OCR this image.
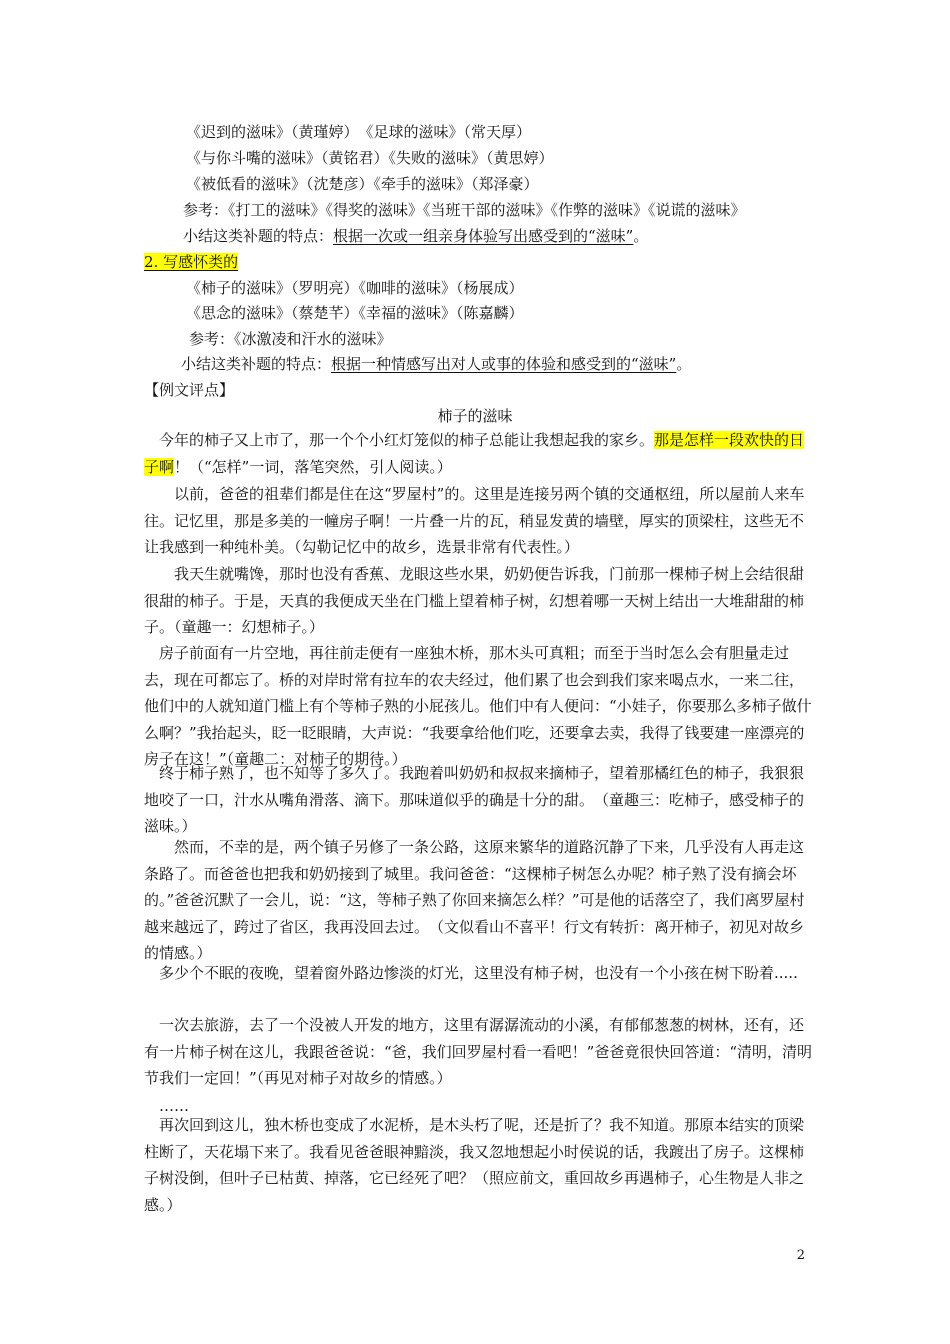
《迟到的滋味》（黄瑾婷）　《足球的滋味》（常天厚）
《与你斗嘴的滋味》（黄铭君）《失败的滋味》（黄思婷）
《被低看的滋味》（沈楚彦）《牵手的滋味》（郑泽豪）
参考：《打工的滋味》《得奖的滋味》《当班干部的滋味》《作弊的滋味》《说谎的滋味》
小结这类补题的特点：根据一次或一组亲身体验写出感受到的“滋味”。
2. 写感怀类的
《柿子的滋味》（罗明亮）《咖啡的滋味》（杨展成）
《思念的滋味》（蔡楚芊）《幸福的滋味》（陈嘉麟）
参考：《冰激凌和汗水的滋味》
小结这类补题的特点：根据一种情感写出对人或事的体验和感受到的“滋味”。
【例文评点】
柿子的滋味
今年的柿子又上市了，那一个个小红灯笼似的柿子总能让我想起我的家乡。那是怎样一段欢快的日子啊！（“怎样”一词，落笔突然，引人阅读。）
以前，爸爸的祖辈们都是住在这“罗屋村”的。这里是连接另两个镇的交通枢纽，所以屋前人来车往。记忆里，那是多美的一幢房子啊！一片叠一片的瓦，稍显发黄的墙壁，厚实的顶梁柱，这些无不让我感到一种纯朴美。（勾勒记忆中的故乡，选景非常有代表性。）
我天生就嘴馋，那时也没有香蕉、龙眼这些水果，奶奶便告诉我，门前那一棵柿子树上会结很甜很甜的柿子。于是，天真的我便成天坐在门槛上望着柿子树，幻想着哪一天树上结出一大堆甜甜的柿子。（童趣一：幻想柿子。）
房子前面有一片空地，再往前走便有一座独木桥，那木头可真粗；而至于当时怎么会有胆量走过去，现在可都忘了。桥的对岸时常有拉车的农夫经过，他们累了也会到我们家来喝点水，一来二往，他们中的人就知道门槛上有个等柿子熟的小屁孩儿。他们中有人便问：“小娃子，你要那么多柿子做什么啊？”我抬起头，眨一眨眼睛，大声说：“我要拿给他们吃，还要拿去卖，我得了钱要建一座漂亮的房子在这！”（童趣二：对柿子的期待。）
终于柿子熟了，也不知等了多久了。我跑着叫奶奶和叔叔来摘柿子，望着那橘红色的柿子，我狠狠地咬了一口，汁水从嘴角滑落、滴下。那味道似乎的确是十分的甜。　（童趣三：吃柿子，感受柿子的滋味。）
然而，不幸的是，两个镇子另修了一条公路，这原来繁华的道路沉静了下来，几乎没有人再走这条路了。而爸爸也把我和奶奶接到了城里。我问爸爸：“这棵柿子树怎么办呢？柿子熟了没有摘会坏的。”爸爸沉默了一会儿，说：“这，等柿子熟了你回来摘怎么样？”可是他的话落空了，我们离罗屋村越来越远了，跨过了省区，我再没回去过。　（文似看山不喜平！行文有转折：离开柿子，初见对故乡的情感。）
多少个不眠的夜晚，望着窗外路边惨淡的灯光，这里没有柿子树，也没有一个小孩在树下盼着.....
一次去旅游，去了一个没被人开发的地方，这里有潺潺流动的小溪，有郁郁葱葱的树林，还有，还有一片柿子树在这儿，我跟爸爸说：“爸，我们回罗屋村看一看吧！”爸爸竟很快回答道：“清明，清明节我们一定回！”（再见对柿子对故乡的情感。）
……
再次回到这儿，独木桥也变成了水泥桥，是木头朽了呢，还是折了？我不知道。那原本结实的顶梁柱断了，天花塌下来了。我看见爸爸眼神黯淡，我又忽地想起小时侯说的话，我踱出了房子。这棵柿子树没倒，但叶子已枯黄、掉落，它已经死了吧？（照应前文，重回故乡再遇柿子，心生物是人非之感。）
2
